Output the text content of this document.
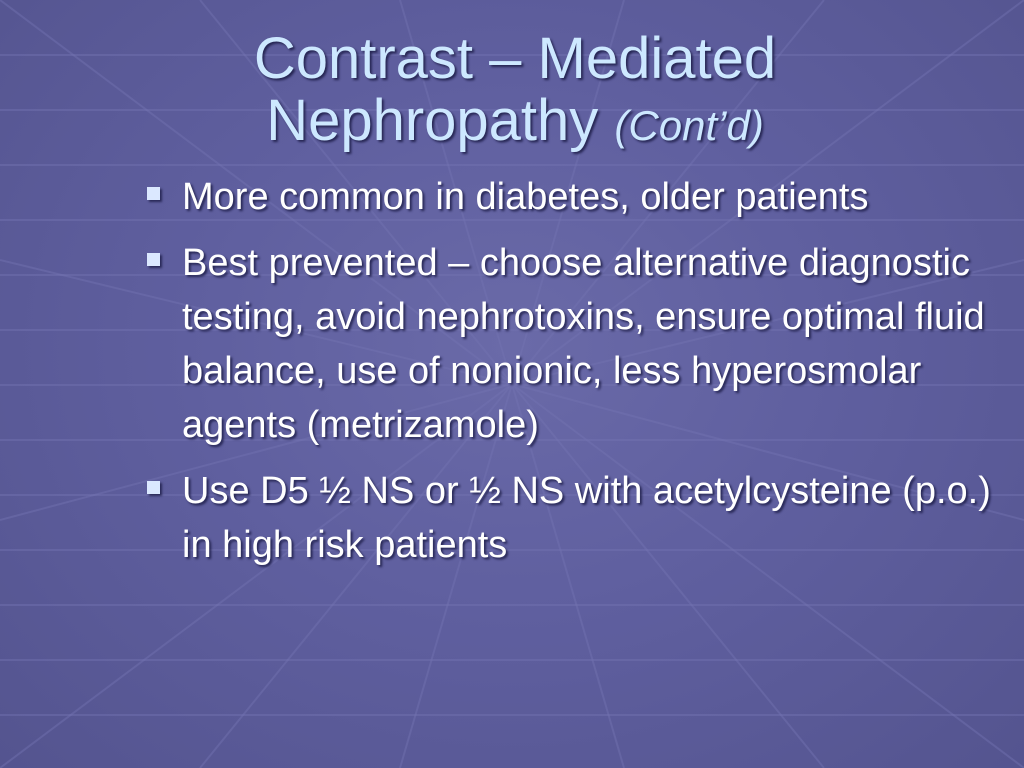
Contrast – Mediated
Nephropathy (Cont’d)
More common in diabetes, older patients
Best prevented – choose alternative diagnostic testing, avoid nephrotoxins, ensure optimal fluid balance, use of nonionic, less hyperosmolar agents (metrizamole)
Use D5 ½ NS or ½ NS with acetylcysteine (p.o.) in high risk patients
